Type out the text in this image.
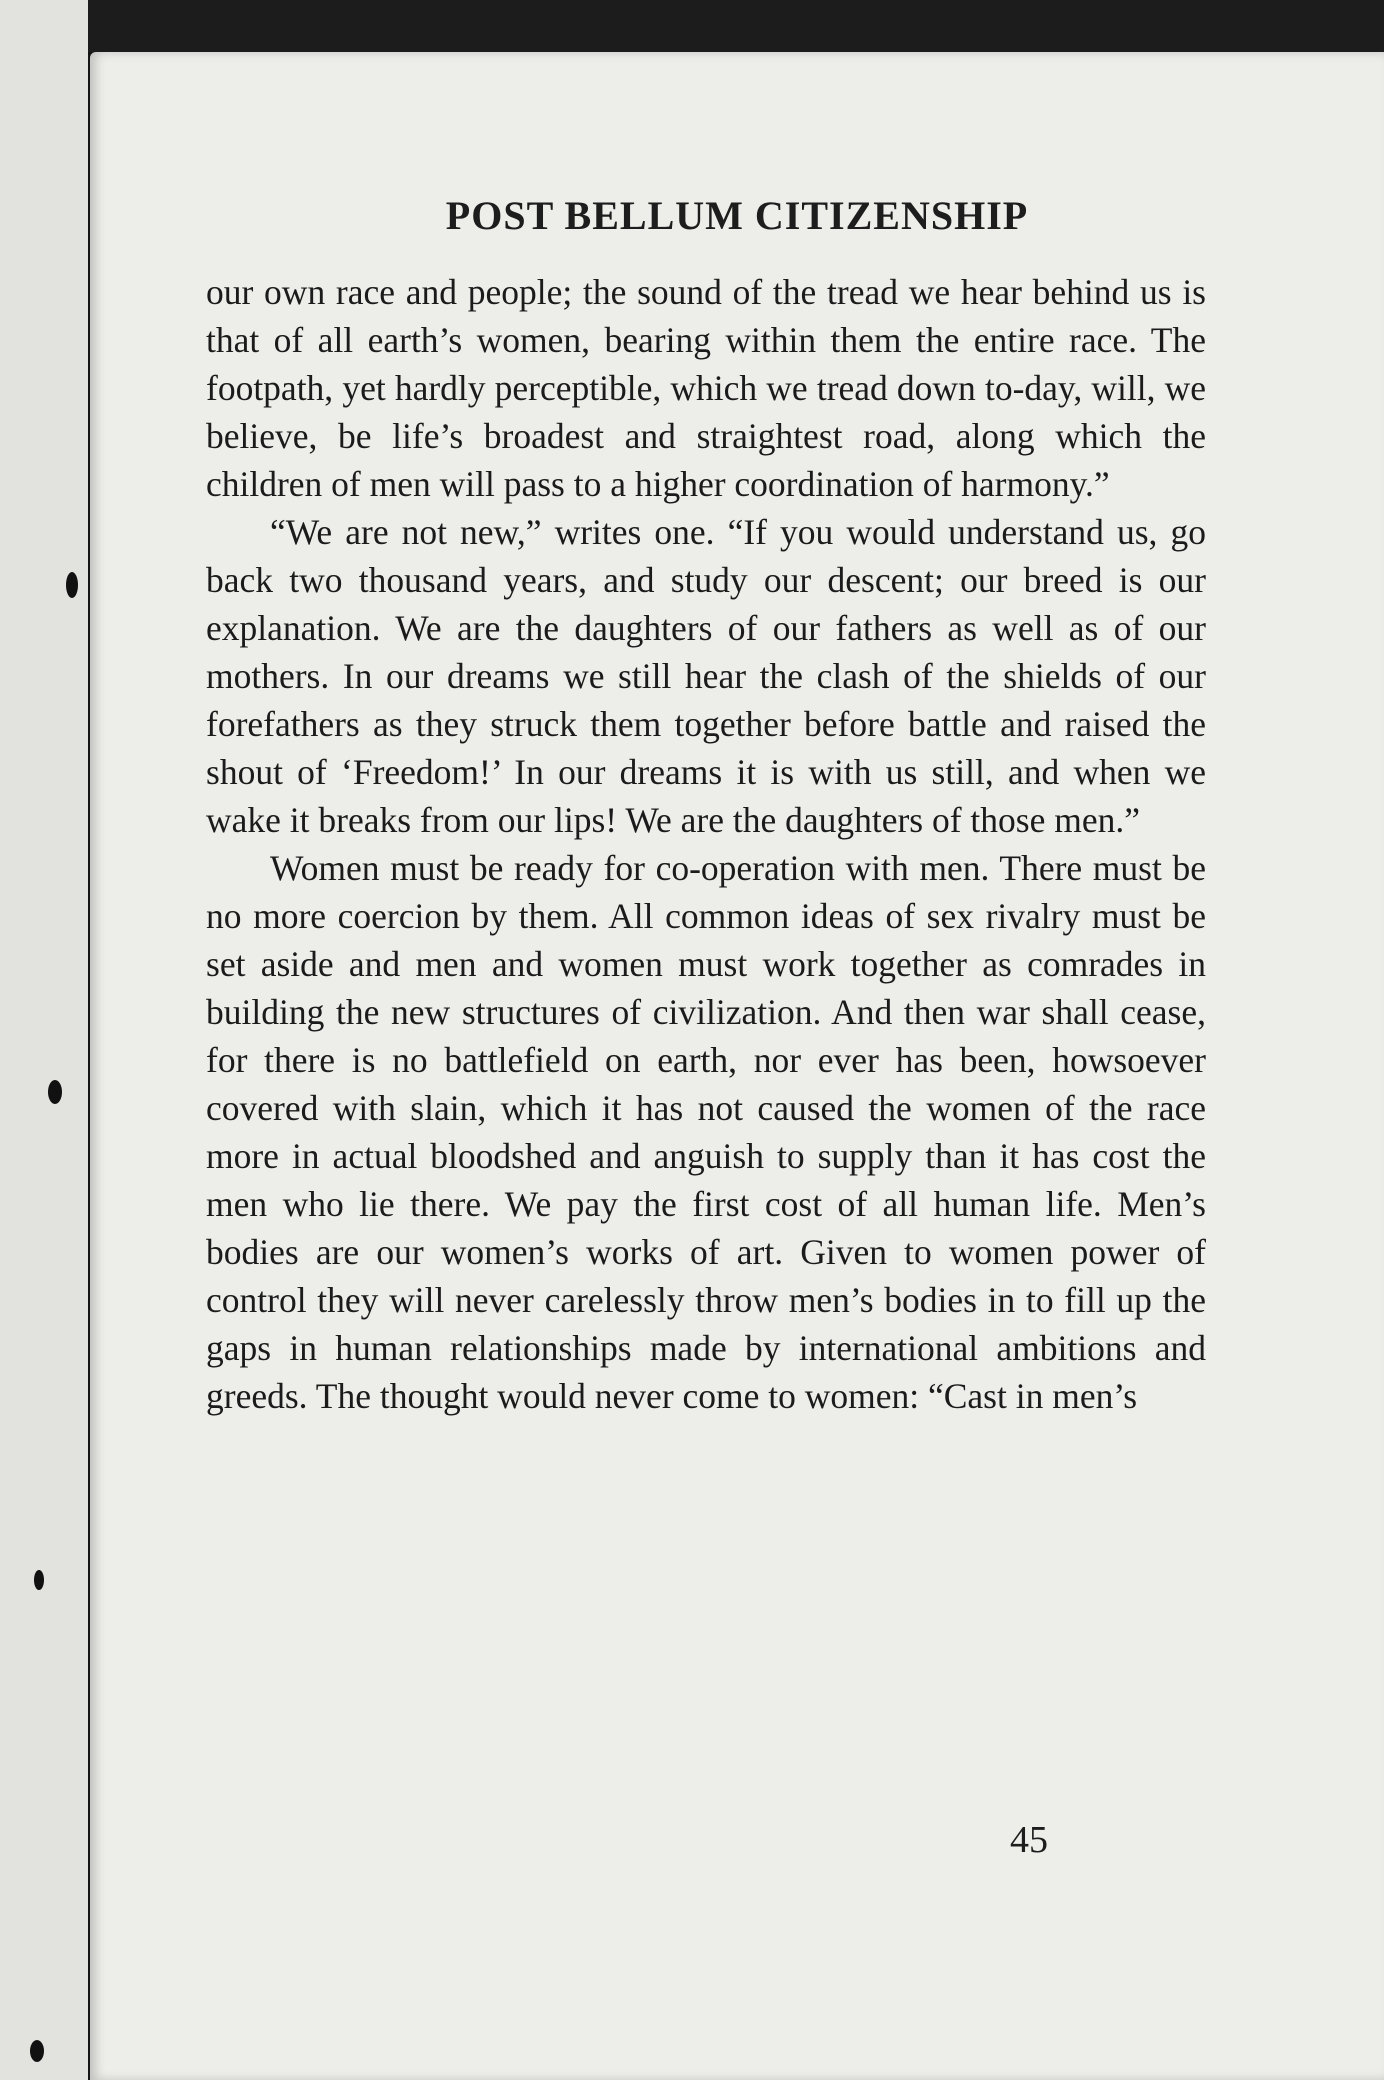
POST BELLUM CITIZENSHIP

our own race and people; the sound of the tread we hear behind us is that of all earth’s women, bearing within them the entire race. The footpath, yet hardly perceptible, which we tread down to-day, will, we believe, be life’s broadest and straightest road, along which the children of men will pass to a higher coordination of harmony.”

“We are not new,” writes one. “If you would understand us, go back two thousand years, and study our descent; our breed is our explanation. We are the daughters of our fathers as well as of our mothers. In our dreams we still hear the clash of the shields of our forefathers as they struck them together before battle and raised the shout of ‘Freedom!’ In our dreams it is with us still, and when we wake it breaks from our lips! We are the daughters of those men.”

Women must be ready for co-operation with men. There must be no more coercion by them. All common ideas of sex rivalry must be set aside and men and women must work together as comrades in building the new structures of civilization. And then war shall cease, for there is no battlefield on earth, nor ever has been, howsoever covered with slain, which it has not caused the women of the race more in actual bloodshed and anguish to supply than it has cost the men who lie there. We pay the first cost of all human life. Men’s bodies are our women’s works of art. Given to women power of control they will never carelessly throw men’s bodies in to fill up the gaps in human relationships made by international ambitions and greeds. The thought would never come to women: “Cast in men’s

45
